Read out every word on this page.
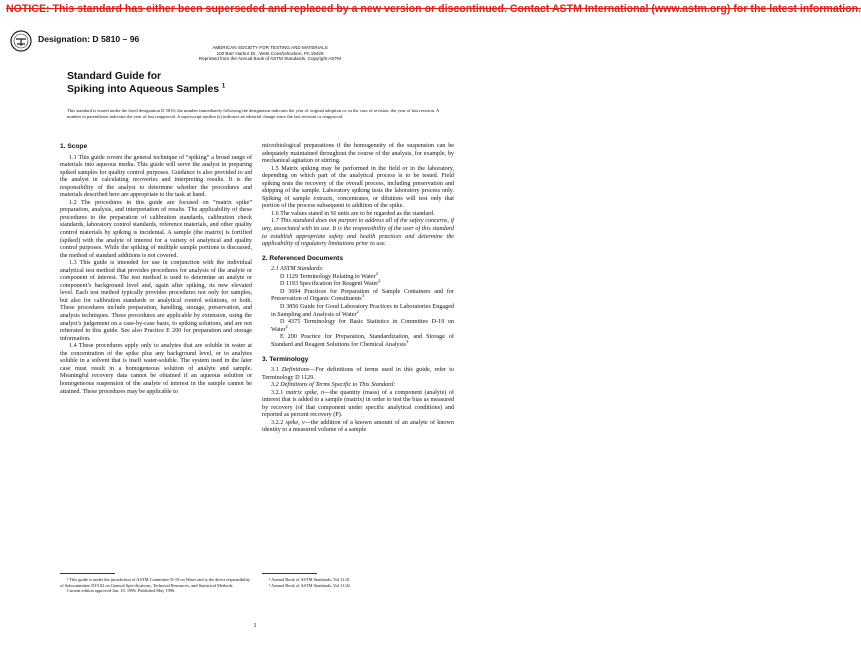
NOTICE: This standard has either been superseded and replaced by a new version or discontinued. Contact ASTM International (www.astm.org) for the latest information.
Designation: D 5810 – 96
AMERICAN SOCIETY FOR TESTING AND MATERIALS
100 Barr Harbor Dr., West Conshohocken, PA 19428
Reprinted from the Annual Book of ASTM Standards. Copyright ASTM
Standard Guide for
Spiking into Aqueous Samples $^1$
This standard is issued under the fixed designation D 5810; the number immediately following the designation indicates the year of original adoption or, in the case of revision, the year of last revision. A number in parentheses indicates the year of last reapproval. A superscript epsilon (ε) indicates an editorial change since the last revision or reapproval.
1. Scope

1.1 This guide covers the general technique of “spiking” a broad range of materials into aqueous media. This guide will serve the analyst in preparing spiked samples for quality control purposes. Guidance is also provided to aid the analyst in calculating recoveries and interpreting results. It is the responsibility of the analyst to determine whether the procedures and materials described here are appropriate to the task at hand.

1.2 The procedures in this guide are focused on “matrix spike” preparation, analysis, and interpretation of results. The applicability of these procedures to the preparation of calibration standards, calibration check standards, laboratory control standards, reference materials, and other quality control materials by spiking is incidental. A sample (the matrix) is fortified (spiked) with the analyte of interest for a variety of analytical and quality control purposes. While the spiking of multiple sample portions is discussed, the method of standard additions is not covered.

1.3 This guide is intended for use in conjunction with the individual analytical test method that provides procedures for analysis of the analyte or component of interest. The test method is used to determine an analyte or component’s background level and, again after spiking, its new elevated level. Each test method typically provides procedures not only for samples, but also for calibration standards or analytical control solutions, or both. These procedures include preparation, handling, storage, preservation, and analysis techniques. These procedures are applicable by extension, using the analyst’s judgement on a case-by-case basis, to spiking solutions, and are not reiterated in this guide. See also Practice E 200 for preparation and storage information.

1.4 These procedures apply only to analytes that are soluble in water at the concentration of the spike plus any background level, or to analytes soluble in a solvent that is itself water-soluble. The system used in the later case must result in a homogeneous solution of analyte and sample. Meaningful recovery data cannot be obtained if an aqueous solution or homogeneous suspension of the analyte of interest in the sample cannot be attained. These procedures may be applicable to

¹ This guide is under the jurisdiction of ASTM Committee D-19 on Water and is the direct responsibility of Subcommittee D19.02 on General Specifications, Technical Resources, and Statistical Methods.

Current edition approved Jan. 10, 1996. Published May 1996.

microbiological preparations if the homogeneity of the suspension can be adequately maintained throughout the course of the analysis, for example, by mechanical agitation or stirring.

1.5 Matrix spiking may be performed in the field or in the laboratory, depending on which part of the analytical process is to be tested. Field spiking tests the recovery of the overall process, including preservation and shipping of the sample. Laboratory spiking tests the laboratory process only. Spiking of sample extracts, concentrates, or dilutions will test only that portion of the process subsequent to addition of the spike.

1.6 The values stated in SI units are to be regarded as the standard.

1.7 This standard does not purport to address all of the safety concerns, if any, associated with its use. It is the responsibility of the user of this standard to establish appropriate safety and health practices and determine the applicability of regulatory limitations prior to use.

2. Referenced Documents

2.1 ASTM Standards:

D 1129 Terminology Relating to Water$^2$

D 1193 Specification for Reagent Water$^2$

D 3694 Practices for Preparation of Sample Containers and for Preservation of Organic Constituents$^3$

D 3856 Guide for Good Laboratory Practices in Laboratories Engaged in Sampling and Analysis of Water$^2$

D 4375 Terminology for Basic Statistics in Committee D-19 on Water$^2$

E 200 Practice for Preparation, Standardization, and Storage of Standard and Reagent Solutions for Chemical Analysis$^3$

3. Terminology

3.1 Definitions—For definitions of terms used in this guide, refer to Terminology D 1129.

3.2 Definitions of Terms Specific to This Standard:

3.2.1 matrix spike, n—the quantity (mass) of a component (analyte) of interest that is added to a sample (matrix) in order to test the bias as measured by recovery (of that component under specific analytical conditions) and reported as percent recovery (P).

3.2.2 spike, v—the addition of a known amount of an analyte of known identity to a measured volume of a sample

² Annual Book of ASTM Standards, Vol 11.01.

³ Annual Book of ASTM Standards, Vol 11.02.

1
